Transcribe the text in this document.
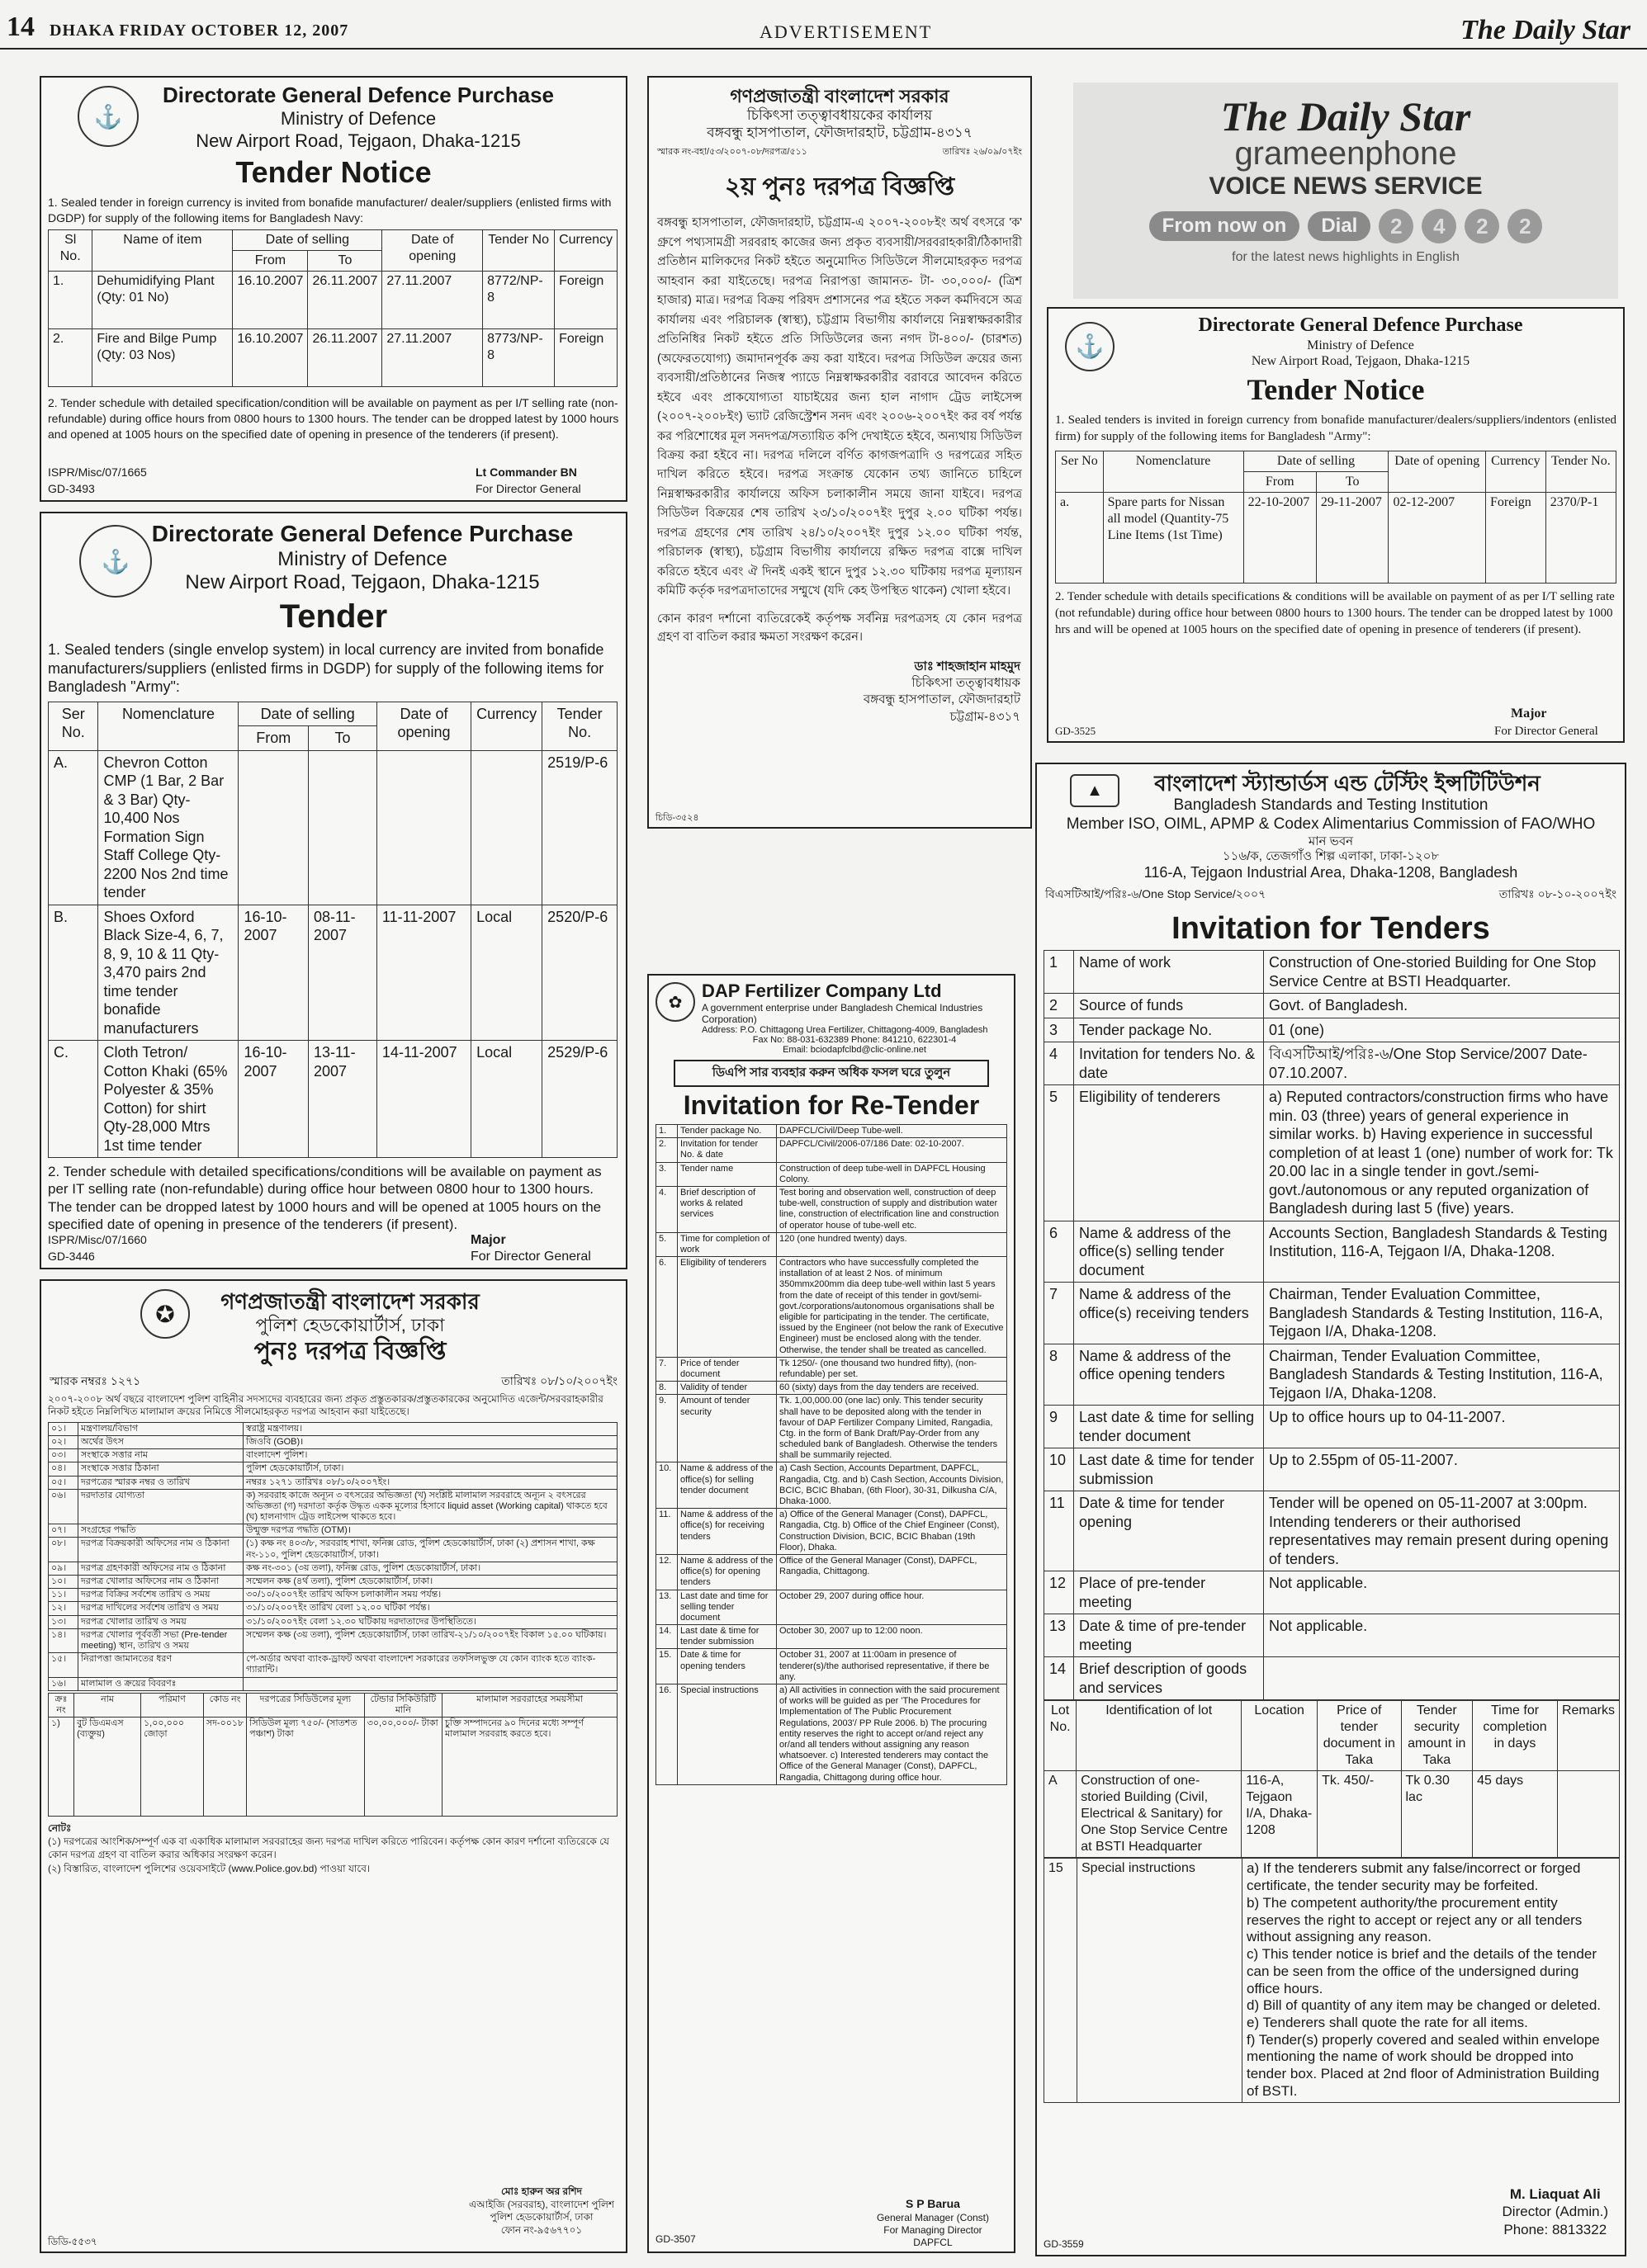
14 DHAKA FRIDAY OCTOBER 12, 2007	ADVERTISEMENT	The Daily Star
⚓
Directorate General Defence Purchase
Ministry of Defence
New Airport Road, Tejgaon, Dhaka-1215
Tender Notice
1. Sealed tender in foreign currency is invited from bonafide manufacturer/ dealer/suppliers (enlisted firms with DGDP) for supply of the following items for Bangladesh Navy:
Sl No.	Name of item	Date of selling		Date of opening	Tender No	Currency
		From	To			
1.	Dehumidifying Plant (Qty: 01 No)	16.10.2007	26.11.2007	27.11.2007	8772/NP-8	Foreign
2.	Fire and Bilge Pump (Qty: 03 Nos)	16.10.2007	26.11.2007	27.11.2007	8773/NP-8	Foreign
2. Tender schedule with detailed specification/condition will be available on payment as per I/T selling rate (non-refundable) during office hours from 0800 hours to 1300 hours. The tender can be dropped latest by 1000 hours and opened at 1005 hours on the specified date of opening in presence of the tenderers (if present).
ISPR/Misc/07/1665
GD-3493
Lt Commander BN
For Director General
⚓
Directorate General Defence Purchase
Ministry of Defence
New Airport Road, Tejgaon, Dhaka-1215
Tender
1. Sealed tenders (single envelop system) in local currency are invited from bonafide manufacturers/suppliers (enlisted firms in DGDP) for supply of the following items for Bangladesh "Army":
Ser No.	Nomenclature	Date of selling		Date of opening	Currency	Tender No.
		From	To			
A.	Chevron Cotton CMP (1 Bar, 2 Bar & 3 Bar) Qty-10,400 Nos Formation Sign Staff College Qty-2200 Nos 2nd time tender					2519/P-6
B.	Shoes Oxford Black Size-4, 6, 7, 8, 9, 10 & 11 Qty-3,470 pairs 2nd time tender bonafide manufacturers	16-10-2007	08-11-2007	11-11-2007	Local	2520/P-6
C.	Cloth Tetron/ Cotton Khaki (65% Polyester & 35% Cotton) for shirt Qty-28,000 Mtrs 1st time tender	16-10-2007	13-11-2007	14-11-2007	Local	2529/P-6
2. Tender schedule with detailed specifications/conditions will be available on payment as per IT selling rate (non-refundable) during office hour between 0800 hour to 1300 hours. The tender can be dropped latest by 1000 hours and will be opened at 1005 hours on the specified date of opening in presence of the tenderers (if present).
ISPR/Misc/07/1660
GD-3446
Major
For Director General
✪	গণপ্রজাতন্ত্রী বাংলাদেশ সরকার
পুলিশ হেডকোয়ার্টার্স, ঢাকা
পুনঃ দরপত্র বিজ্ঞপ্তি
স্মারক নম্বরঃ ১২৭১	তারিখঃ ০৮/১০/২০০৭ইং
২০০৭-২০০৮ অর্থ বছরে বাংলাদেশ পুলিশ বাহিনীর সদস্যদের ব্যবহারের জন্য প্রকৃত প্রস্তুতকারক/প্রস্তুতকারকের অনুমোদিত এজেন্ট/সরবরাহকারীর নিকট হইতে নিম্নলিখিত মালামাল ক্রয়ের নিমিত্তে সীলমোহরকৃত দরপত্র আহবান করা যাইতেছে।
০১।	মন্ত্রণালয়/বিভাগ	স্বরাষ্ট্র মন্ত্রণালয়।
০২।	অর্থের উৎস	জিওবি (GOB)।
০৩।	সংস্থাকে সত্তার নাম	বাংলাদেশ পুলিশ।
০৪।	সংস্থাকে সত্তার ঠিকানা	পুলিশ হেডকোয়ার্টার্স, ঢাকা।
০৫।	দরপত্রের স্মারক নম্বর ও তারিখ	নম্বরঃ ১২৭১ তারিখঃ ০৮/১০/২০০৭ইং।
০৬।	দরদাতার যোগ্যতা	ক) সরবরাহ কাজে অন্যূন ৩ বৎসরের অভিজ্ঞতা (খ) সংশ্লিষ্ট মালামাল সরবরাহে অন্যূন ২ বৎসরের অভিজ্ঞতা (গ) দরদাতা কর্তৃক উদ্ধৃত একক মূল্যের হিসাবে liquid asset (Working capital) থাকতে হবে (ঘ) হালনাগাদ ট্রেড লাইসেন্স থাকতে হবে।
০৭।	সংগ্রহের পদ্ধতি	উন্মুক্ত দরপত্র পদ্ধতি (OTM)।
০৮।	দরপত্র বিক্রয়কারী অফিসের নাম ও ঠিকানা	(১) কক্ষ নং ৪০৩/৮, সরবরাহ শাখা, ফনিক্স রোড, পুলিশ হেডকোয়ার্টার্স, ঢাকা (২) প্রশাসন শাখা, কক্ষ নং-১১০, পুলিশ হেডকোয়ার্টার্স, ঢাকা।
০৯।	দরপত্র গ্রহণকারী অফিসের নাম ও ঠিকানা	কক্ষ নং-৩০১ (৩য় তলা), ফনিক্স রোড, পুলিশ হেডকোয়ার্টার্স, ঢাকা।
১০।	দরপত্র খোলার অফিসের নাম ও ঠিকানা	সম্মেলন কক্ষ (৪র্থ তলা), পুলিশ হেডকোয়ার্টার্স, ঢাকা।
১১।	দরপত্র বিক্রির সর্বশেষ তারিখ ও সময়	৩০/১০/২০০৭ইং তারিখ অফিস চলাকালীন সময় পর্যন্ত।
১২।	দরপত্র দাখিলের সর্বশেষ তারিখ ও সময়	৩১/১০/২০০৭ইং তারিখ বেলা ১২.০০ ঘটিকা পর্যন্ত।
১৩।	দরপত্র খোলার তারিখ ও সময়	৩১/১০/২০০৭ইং বেলা ১২.৩০ ঘটিকায় দরদাতাদের উপস্থিতিতে।
১৪।	দরপত্র খোলার পূর্ববর্তী সভা (Pre-tender meeting) স্থান, তারিখ ও সময়	সম্মেলন কক্ষ (৩য় তলা), পুলিশ হেডকোয়ার্টার্স, ঢাকা তারিখ-২১/১০/২০০৭ইং বিকাল ১৫.০০ ঘটিকায়।
১৫।	নিরাপত্তা জামানতের ধরণ	পে-অর্ডার অথবা ব্যাংক-ড্রাফট অথবা বাংলাদেশ সরকারের তফসিলভুক্ত যে কোন ব্যাংক হতে ব্যাংক-গ্যারান্টি।
১৬।	মালামাল ও ক্রয়ের বিবরণঃ	
ক্রঃ নং	নাম	পরিমাণ	কোড নং	দরপত্রের সিডিউলের মূল্য	টেন্ডার সিকিউরিটি মানি	মালামাল সরবরাহের সময়সীমা
১)	বুট ডিএমএস (ব্যক্তুয়)	১,০০,০০০ জোড়া	সদ-০০১৮	সিডিউল মূল্য ৭৫০/- (সাতশত পঞ্চাশ) টাকা	৩০,০০,০০০/- টাকা	চুক্তি সম্পাদনের ৯০ দিনের মধ্যে সম্পূর্ণ মালামাল সরবরাহ করতে হবে।
নোটঃ
(১) দরপত্রের আংশিক/সম্পূর্ণ এক বা একাধিক মালামাল সরবরাহের জন্য দরপত্র দাখিল করিতে পারিবেন। কর্তৃপক্ষ কোন কারণ দর্শানো ব্যতিরেকে যে কোন দরপত্র গ্রহণ বা বাতিল করার অধিকার সংরক্ষণ করেন।
(২) বিস্তারিত, বাংলাদেশ পুলিশের ওয়েবসাইটে (www.Police.gov.bd) পাওয়া যাবে।
মোঃ হারুন অর রশিদ
এআইজি (সরবরাহ), বাংলাদেশ পুলিশ
পুলিশ হেডকোয়ার্টার্স, ঢাকা
ফোন নং-৯৫৬৭৭০১
ডিডি-৫৫৩৭
গণপ্রজাতন্ত্রী বাংলাদেশ সরকার
চিকিৎসা তত্ত্বাবধায়কের কার্যালয়
বঙ্গবন্ধু হাসপাতাল, ফৌজদারহাট, চট্টগ্রাম-৪৩১৭
স্মারক নং-বহা/৫৩/২০০৭-০৮/দরপত্র/৫১১	তারিখঃ ২৬/০৯/০৭ইং
২য় পুনঃ দরপত্র বিজ্ঞপ্তি
বঙ্গবন্ধু হাসপাতাল, ফৌজদারহাট, চট্টগ্রাম-এ ২০০৭-২০০৮ইং অর্থ বৎসরে 'ক' গ্রুপে পথ্যসামগ্রী সরবরাহ কাজের জন্য প্রকৃত ব্যবসায়ী/সরবরাহকারী/ঠিকাদারী প্রতিষ্ঠান মালিকদের নিকট হইতে অনুমোদিত সিডিউলে সীলমোহরকৃত দরপত্র আহবান করা যাইতেছে। দরপত্র নিরাপত্তা জামানত- টা- ৩০,০০০/- (ত্রিশ হাজার) মাত্র। দরপত্র বিক্রয় পরিষদ প্রশাসনের পত্র হইতে সকল কর্মদিবসে অত্র কার্যালয় এবং পরিচালক (স্বাস্থ্য), চট্টগ্রাম বিভাগীয় কার্যালয়ে নিম্নস্বাক্ষরকারীর প্রতিনিধির নিকট হইতে প্রতি সিডিউলের জন্য নগদ টা-৪০০/- (চারশত) (অফেরতযোগ্য) জমাদানপূর্বক ক্রয় করা যাইবে। দরপত্র সিডিউল ক্রয়ের জন্য ব্যবসায়ী/প্রতিষ্ঠানের নিজস্ব প্যাডে নিম্নস্বাক্ষরকারীর বরাবরে আবেদন করিতে হইবে এবং প্রাকযোগ্যতা যাচাইয়ের জন্য হাল নাগাদ ট্রেড লাইসেন্স (২০০৭-২০০৮ইং) ভ্যাট রেজিস্ট্রেশন সনদ এবং ২০০৬-২০০৭ইং কর বর্ষ পর্যন্ত কর পরিশোধের মূল সনদপত্র/সত্যায়িত কপি দেখাইতে হইবে, অন্যথায় সিডিউল বিক্রয় করা হইবে না। দরপত্র দলিলে বর্ণিত কাগজপত্রাদি ও দরপত্রের সহিত দাখিল করিতে হইবে। দরপত্র সংক্রান্ত যেকোন তথ্য জানিতে চাহিলে নিম্নস্বাক্ষরকারীর কার্যালয়ে অফিস চলাকালীন সময়ে জানা যাইবে। দরপত্র সিডিউল বিক্রয়ের শেষ তারিখ ২৩/১০/২০০৭ইং দুপুর ২.০০ ঘটিকা পর্যন্ত। দরপত্র গ্রহণের শেষ তারিখ ২৪/১০/২০০৭ইং দুপুর ১২.০০ ঘটিকা পর্যন্ত, পরিচালক (স্বাস্থ্য), চট্টগ্রাম বিভাগীয় কার্যালয়ে রক্ষিত দরপত্র বাক্সে দাখিল করিতে হইবে এবং ঐ দিনই একই স্থানে দুপুর ১২.৩০ ঘটিকায় দরপত্র মূল্যায়ন কমিটি কর্তৃক দরপত্রদাতাদের সম্মুখে (যদি কেহ উপস্থিত থাকেন) খোলা হইবে।
কোন কারণ দর্শানো ব্যতিরেকেই কর্তৃপক্ষ সর্বনিম্ন দরপত্রসহ যে কোন দরপত্র গ্রহণ বা বাতিল করার ক্ষমতা সংরক্ষণ করেন।
ডাঃ শাহজাহান মাহমুদ
চিকিৎসা তত্ত্বাবধায়ক
বঙ্গবন্ধু হাসপাতাল, ফৌজদারহাট
চট্টগ্রাম-৪৩১৭
চিডি-৩৫২৪
✿
DAP Fertilizer Company Ltd
A government enterprise under Bangladesh Chemical Industries Corporation)
Address: P.O. Chittagong Urea Fertilizer, Chittagong-4009, Bangladesh
Fax No: 88-031-632389 Phone: 841210, 622301-4
Email: bciodapfclbd@clic-online.net
ডিএপি সার ব্যবহার করুন অধিক ফসল ঘরে তুলুন
Invitation for Re-Tender
1.	Tender package No.	DAPFCL/Civil/Deep Tube-well.
2.	Invitation for tender No. & date	DAPFCL/Civil/2006-07/186 Date: 02-10-2007.
3.	Tender name	Construction of deep tube-well in DAPFCL Housing Colony.
4.	Brief description of works & related services	Test boring and observation well, construction of deep tube-well, construction of supply and distribution water line, construction of electrification line and construction of operator house of tube-well etc.
5.	Time for completion of work	120 (one hundred twenty) days.
6.	Eligibility of tenderers	Contractors who have successfully completed the installation of at least 2 Nos. of minimum 350mmx200mm dia deep tube-well within last 5 years from the date of receipt of this tender in govt/semi-govt./corporations/autonomous organisations shall be eligible for participating in the tender. The certificate, issued by the Engineer (not below the rank of Executive Engineer) must be enclosed along with the tender. Otherwise, the tender shall be treated as cancelled.
7.	Price of tender document	Tk 1250/- (one thousand two hundred fifty), (non-refundable) per set.
8.	Validity of tender	60 (sixty) days from the day tenders are received.
9.	Amount of tender security	Tk. 1,00,000.00 (one lac) only. This tender security shall have to be deposited along with the tender in favour of DAP Fertilizer Company Limited, Rangadia, Ctg. in the form of Bank Draft/Pay-Order from any scheduled bank of Bangladesh. Otherwise the tenders shall be summarily rejected.
10.	Name & address of the office(s) for selling tender document	a) Cash Section, Accounts Department, DAPFCL, Rangadia, Ctg. and b) Cash Section, Accounts Division, BCIC, BCIC Bhaban, (6th Floor), 30-31, Dilkusha C/A, Dhaka-1000.
11.	Name & address of the office(s) for receiving tenders	a) Office of the General Manager (Const), DAPFCL, Rangadia, Ctg. b) Office of the Chief Engineer (Const), Construction Division, BCIC, BCIC Bhaban (19th Floor), Dhaka.
12.	Name & address of the office(s) for opening tenders	Office of the General Manager (Const), DAPFCL, Rangadia, Chittagong.
13.	Last date and time for selling tender document	October 29, 2007 during office hour.
14.	Last date & time for tender submission	October 30, 2007 up to 12:00 noon.
15.	Date & time for opening tenders	October 31, 2007 at 11:00am in presence of tenderer(s)/the authorised representative, if there be any.
16.	Special instructions	a) All activities in connection with the said procurement of works will be guided as per 'The Procedures for Implementation of The Public Procurement Regulations, 2003'/ PP Rule 2006. b) The procuring entity reserves the right to accept or/and reject any or/and all tenders without assigning any reason whatsoever. c) Interested tenderers may contact the Office of the General Manager (Const), DAPFCL, Rangadia, Chittagong during office hour.
S P Barua
General Manager (Const)
For Managing Director
DAPFCL
GD-3507
The Daily Star
grameenphone
VOICE NEWS SERVICE
From now on	Dial	2	4	2	2
for the latest news highlights in English
⚓
Directorate General Defence Purchase
Ministry of Defence
New Airport Road, Tejgaon, Dhaka-1215
Tender Notice
1. Sealed tenders is invited in foreign currency from bonafide manufacturer/dealers/suppliers/indentors (enlisted firm) for supply of the following items for Bangladesh "Army":
Ser No	Nomenclature	Date of selling		Date of opening	Currency	Tender No.
		From	To			
a.	Spare parts for Nissan all model (Quantity-75 Line Items (1st Time)	22-10-2007	29-11-2007	02-12-2007	Foreign	2370/P-1
2. Tender schedule with details specifications & conditions will be available on payment of as per I/T selling rate (not refundable) during office hour between 0800 hours to 1300 hours. The tender can be dropped latest by 1000 hrs and will be opened at 1005 hours on the specified date of opening in presence of tenderers (if present).
Major
For Director General
GD-3525
▲	বাংলাদেশ স্ট্যান্ডার্ডস এন্ড টেস্টিং ইন্সটিটিউশন
Bangladesh Standards and Testing Institution
Member ISO, OIML, APMP & Codex Alimentarius Commission of FAO/WHO
মান ভবন
১১৬/ক, তেজগাঁও শিল্প এলাকা, ঢাকা-১২০৮
116-A, Tejgaon Industrial Area, Dhaka-1208, Bangladesh
বিএসটিআই/পরিঃ-৬/One Stop Service/২০০৭	তারিখঃ ০৮-১০-২০০৭ইং
Invitation for Tenders
1	Name of work	Construction of One-storied Building for One Stop Service Centre at BSTI Headquarter.
2	Source of funds	Govt. of Bangladesh.
3	Tender package No.	01 (one)
4	Invitation for tenders No. & date	বিএসটিআই/পরিঃ-৬/One Stop Service/2007 Date-07.10.2007.
5	Eligibility of tenderers	a) Reputed contractors/construction firms who have min. 03 (three) years of general experience in similar works. b) Having experience in successful completion of at least 1 (one) number of work for: Tk 20.00 lac in a single tender in govt./semi-govt./autonomous or any reputed organization of Bangladesh during last 5 (five) years.
6	Name & address of the office(s) selling tender document	Accounts Section, Bangladesh Standards & Testing Institution, 116-A, Tejgaon I/A, Dhaka-1208.
7	Name & address of the office(s) receiving tenders	Chairman, Tender Evaluation Committee, Bangladesh Standards & Testing Institution, 116-A, Tejgaon I/A, Dhaka-1208.
8	Name & address of the office opening tenders	Chairman, Tender Evaluation Committee, Bangladesh Standards & Testing Institution, 116-A, Tejgaon I/A, Dhaka-1208.
9	Last date & time for selling tender document	Up to office hours up to 04-11-2007.
10	Last date & time for tender submission	Up to 2.55pm of 05-11-2007.
11	Date & time for tender opening	Tender will be opened on 05-11-2007 at 3:00pm. Intending tenderers or their authorised representatives may remain present during opening of tenders.
12	Place of pre-tender meeting	Not applicable.
13	Date & time of pre-tender meeting	Not applicable.
14	Brief description of goods and services	
Lot No.	Identification of lot	Location	Price of tender document in Taka	Tender security amount in Taka	Time for completion in days	Remarks
A	Construction of one-storied Building (Civil, Electrical & Sanitary) for One Stop Service Centre at BSTI Headquarter	116-A, Tejgaon I/A, Dhaka-1208	Tk. 450/-	Tk 0.30 lac	45 days	
15	Special instructions	a) If the tenderers submit any false/incorrect or forged certificate, the tender security may be forfeited.
b) The competent authority/the procurement entity reserves the right to accept or reject any or all tenders without assigning any reason.
c) This tender notice is brief and the details of the tender can be seen from the office of the undersigned during office hours.
d) Bill of quantity of any item may be changed or deleted.
e) Tenderers shall quote the rate for all items.
f) Tender(s) properly covered and sealed within envelope mentioning the name of work should be dropped into tender box. Placed at 2nd floor of Administration Building of BSTI.
M. Liaquat Ali
Director (Admin.)
Phone: 8813322
GD-3559
